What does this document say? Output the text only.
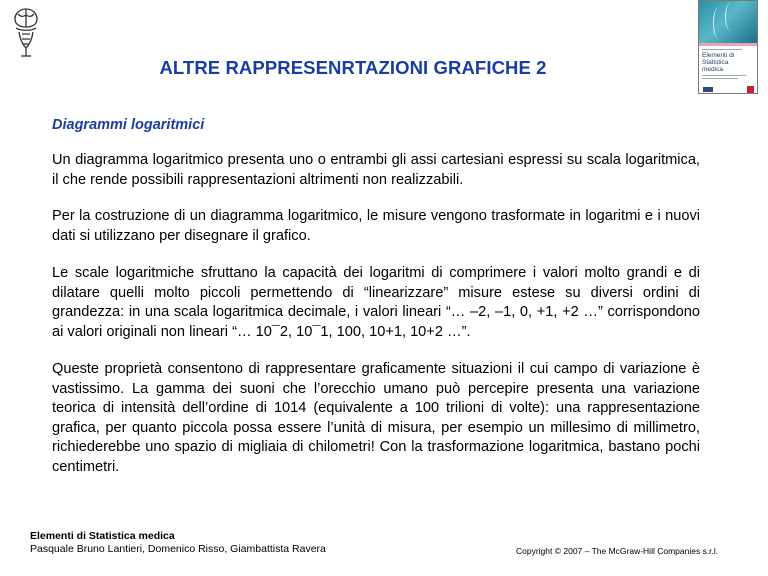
Elementi di
Statistica
medica
ALTRE RAPPRESENRTAZIONI GRAFICHE 2
Diagrammi logaritmici

Un diagramma logaritmico presenta uno o entrambi gli assi cartesiani espressi su scala logaritmica, il che rende possibili rappresentazioni altrimenti non realizzabili.

Per la costruzione di un diagramma logaritmico, le misure vengono trasformate in logaritmi e i nuovi dati si utilizzano per disegnare il grafico.

Le scale logaritmiche sfruttano la capacità dei logaritmi di comprimere i valori molto grandi e di dilatare quelli molto piccoli permettendo di “linearizzare” misure estese su diversi ordini di grandezza: in una scala logaritmica decimale, i valori lineari “… –2, –1, 0, +1, +2 …” corrispondono ai valori originali non lineari “… 10¯2, 10¯1, 100, 10+1, 10+2 …”.

Queste proprietà consentono di rappresentare graficamente situazioni il cui campo di variazione è vastissimo. La gamma dei suoni che l’orecchio umano può percepire presenta una variazione teorica di intensità dell’ordine di 1014 (equivalente a 100 trilioni di volte): una rappresentazione grafica, per quanto piccola possa essere l’unità di misura, per esempio un millesimo di millimetro, richiederebbe uno spazio di migliaia di chilometri! Con la trasformazione logaritmica, bastano pochi centimetri.

Elementi di Statistica medica
Pasquale Bruno Lantieri, Domenico Risso, Giambattista Ravera	Copyright © 2007 – The McGraw-Hill Companies s.r.l.
